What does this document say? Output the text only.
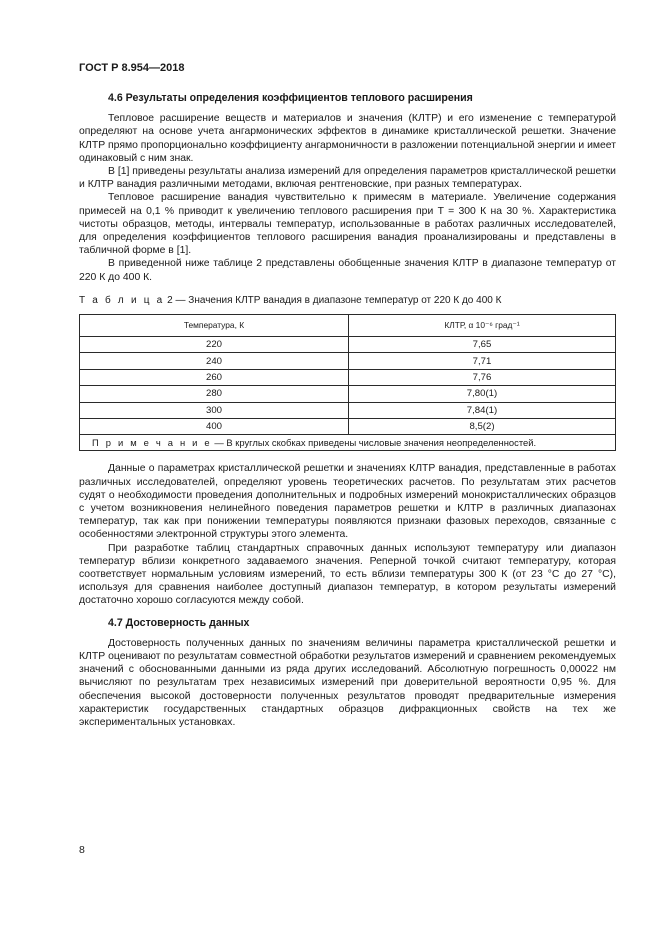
ГОСТ Р 8.954—2018
4.6 Результаты определения коэффициентов теплового расширения

Тепловое расширение веществ и материалов и значения (КЛТР) и его изменение с температурой определяют на основе учета ангармонических эффектов в динамике кристаллической решетки. Значение КЛТР прямо пропорционально коэффициенту ангармоничности в разложении потенциальной энергии и имеет одинаковый с ним знак.

В [1] приведены результаты анализа измерений для определения параметров кристаллической решетки и КЛТР ванадия различными методами, включая рентгеновские, при разных температурах.

Тепловое расширение ванадия чувствительно к примесям в материале. Увеличение содержания примесей на 0,1 % приводит к увеличению теплового расширения при T = 300 К на 30 %. Характеристика чистоты образцов, методы, интервалы температур, использованные в работах различных исследователей, для определения коэффициентов теплового расширения ванадия проанализированы и представлены в табличной форме в [1].

В приведенной ниже таблице 2 представлены обобщенные значения КЛТР в диапазоне температур от 220 К до 400 К.

Т а б л и ц а 2 — Значения КЛТР ванадия в диапазоне температур от 220 К до 400 К
Температура, К	КЛТР, α 10⁻⁶ град⁻¹
220	7,65
240	7,71
260	7,76
280	7,80(1)
300	7,84(1)
400	8,5(2)
П р и м е ч а н и е — В круглых скобках приведены числовые значения неопределенностей.	

Данные о параметрах кристаллической решетки и значениях КЛТР ванадия, представленные в работах различных исследователей, определяют уровень теоретических расчетов. По результатам этих расчетов судят о необходимости проведения дополнительных и подробных измерений монокристаллических образцов с учетом возникновения нелинейного поведения параметров решетки и КЛТР в различных диапазонах температур, так как при понижении температуры появляются признаки фазовых переходов, связанные с особенностями электронной структуры этого элемента.

При разработке таблиц стандартных справочных данных используют температуру или диапазон температур вблизи конкретного задаваемого значения. Реперной точкой считают температуру, которая соответствует нормальным условиям измерений, то есть вблизи температуры 300 К (от 23 °С до 27 °С), используя для сравнения наиболее доступный диапазон температур, в котором результаты измерений достаточно хорошо согласуются между собой.

4.7 Достоверность данных

Достоверность полученных данных по значениям величины параметра кристаллической решетки и КЛТР оценивают по результатам совместной обработки результатов измерений и сравнением рекомендуемых значений с обоснованными данными из ряда других исследований. Абсолютную погрешность 0,00022 нм вычисляют по результатам трех независимых измерений при доверительной вероятности 0,95 %. Для обеспечения высокой достоверности полученных результатов проводят предварительные измерения характеристик государственных стандартных образцов дифракционных свойств на тех же экспериментальных установках.

8
